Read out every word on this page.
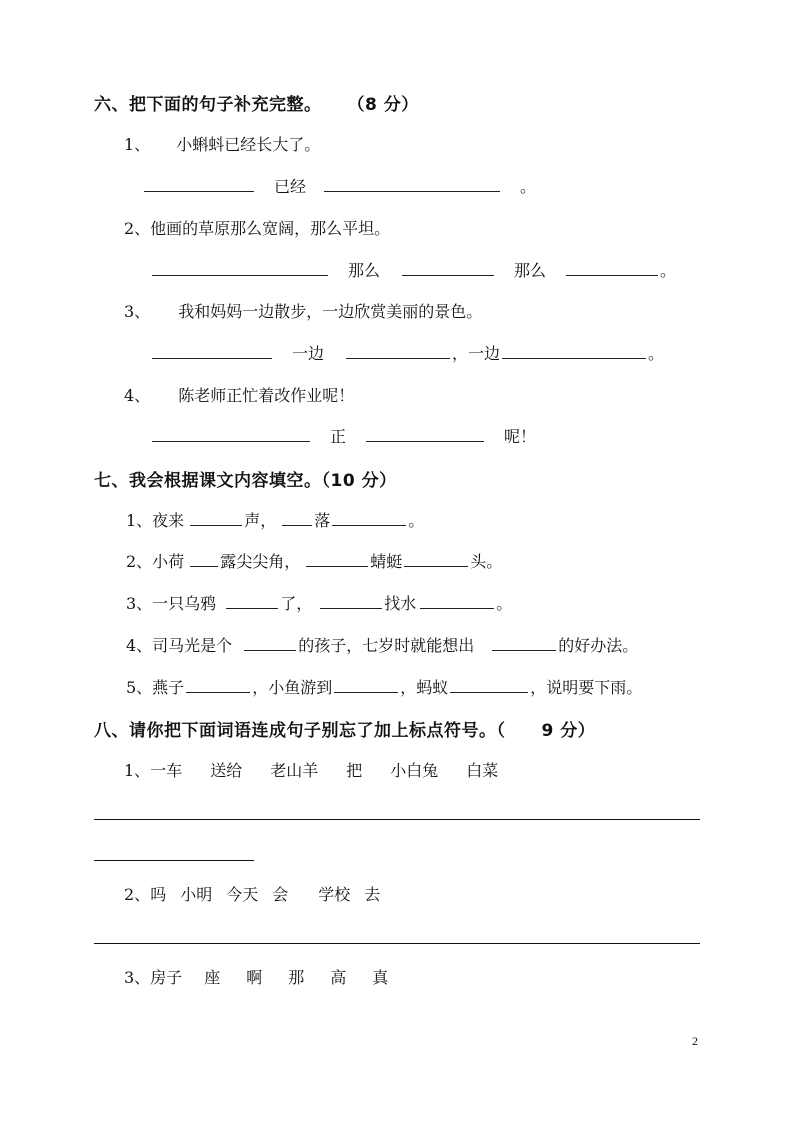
六、把下面的句子补充完整。 （8 分）
1、 小蝌蚪已经长大了。
已经	。
2、他画的草原那么宽阔，那么平坦。
那么	那么	。
3、 我和妈妈一边散步，一边欣赏美丽的景色。
一边	，一边	。
4、 陈老师正忙着改作业呢！
正	呢！
七、我会根据课文内容填空。（10 分）
1、夜来	声， 落	。
2、小荷 露尖尖角，	蜻蜓	头。
3、一只乌鸦	了，	找水	。
4、司马光是个	的孩子，七岁时就能想出	的好办法。
5、燕子	，小鱼游到	，蚂蚁	，说明要下雨。
八、请你把下面词语连成句子别忘了加上标点符号。（ 9 分）
1、一车 送给 老山羊 把 小白兔 白菜
2、吗 小明 今天 会 学校 去
3、房子 座 啊 那 高 真
2
